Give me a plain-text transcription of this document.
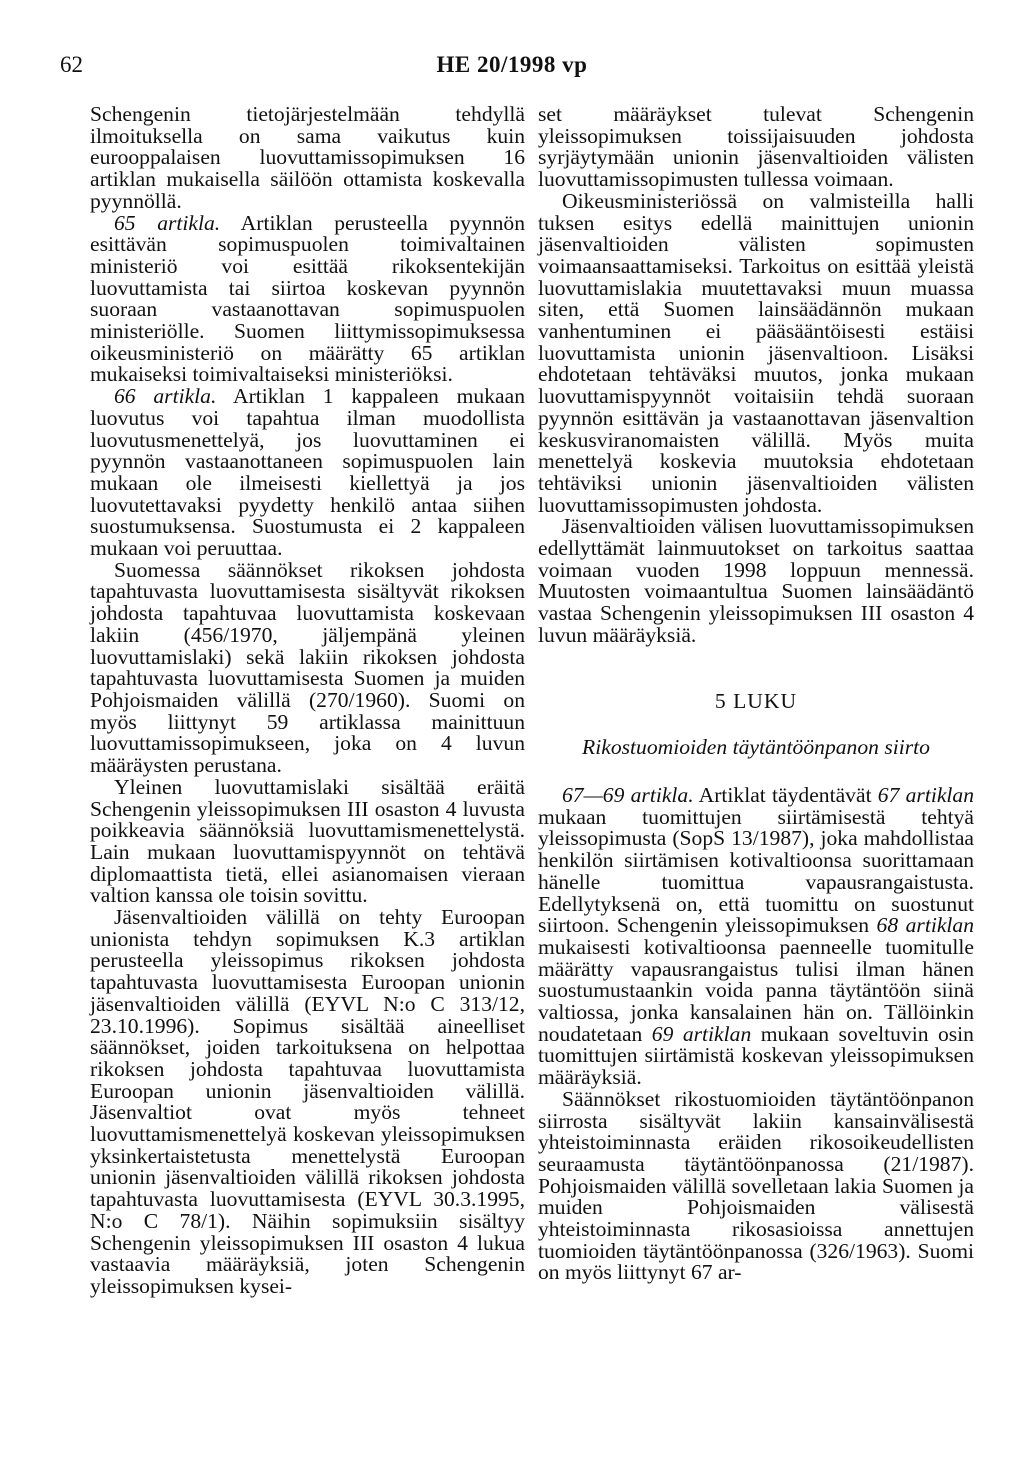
62	HE 20/1998 vp

Schengenin tietojärjestelmään tehdyllä ilmoituksella on sama vaikutus kuin eurooppalaisen luovuttamissopimuksen 16 artiklan mukaisella säilöön ottamista koskevalla pyynnöllä.

65 artikla. Artiklan perusteella pyynnön esittävän sopimuspuolen toimivaltainen ministeriö voi esittää rikoksentekijän luovuttamista tai siirtoa koskevan pyynnön suoraan vastaanottavan sopimuspuolen ministeriölle. Suomen liittymissopimuksessa oikeusministeriö on määrätty 65 artiklan mukaiseksi toimivaltaiseksi ministeriöksi.

66 artikla. Artiklan 1 kappaleen mukaan luovutus voi tapahtua ilman muodollista luovutusmenettelyä, jos luovuttaminen ei pyynnön vastaanottaneen sopimuspuolen lain mukaan ole ilmeisesti kiellettyä ja jos luovutettavaksi pyydetty henkilö antaa siihen suostumuksensa. Suostumusta ei 2 kappaleen mukaan voi peruuttaa.

Suomessa säännökset rikoksen johdosta tapahtuvasta luovuttamisesta sisältyvät rikoksen johdosta tapahtuvaa luovuttamista koskevaan lakiin (456/1970, jäljempänä yleinen luovuttamislaki) sekä lakiin rikoksen johdosta tapahtuvasta luovuttamisesta Suomen ja muiden Pohjoismaiden välillä (270/1960). Suomi on myös liittynyt 59 artiklassa mainittuun luovuttamissopimukseen, joka on 4 luvun määräysten perustana.

Yleinen luovuttamislaki sisältää eräitä Schengenin yleissopimuksen III osaston 4 luvusta poikkeavia säännöksiä luovuttamismenettelystä. Lain mukaan luovuttamispyynnöt on tehtävä diplomaattista tietä, ellei asianomaisen vieraan valtion kanssa ole toisin sovittu.

Jäsenvaltioiden välillä on tehty Euroopan unionista tehdyn sopimuksen K.3 artiklan perusteella yleissopimus rikoksen johdosta tapahtuvasta luovuttamisesta Euroopan unionin jäsenvaltioiden välillä (EYVL N:o C 313/12, 23.10.1996). Sopimus sisältää aineelliset säännökset, joiden tarkoituksena on helpottaa rikoksen johdosta tapahtuvaa luovuttamista Euroopan unionin jäsenvaltioiden välillä. Jäsenvaltiot ovat myös tehneet luovuttamismenettelyä koskevan yleissopimuksen yksinkertaistetusta menettelystä Euroopan unionin jäsenvaltioiden välillä rikoksen johdosta tapahtuvasta luovuttamisesta (EYVL 30.3.1995, N:o C 78/1). Näihin sopimuksiin sisältyy Schengenin yleissopimuksen III osaston 4 lukua vastaavia määräyksiä, joten Schengenin yleissopimuksen kysei-

set määräykset tulevat Schengenin yleissopimuksen toissijaisuuden johdosta syrjäytymään unionin jäsenvaltioiden välisten luovuttamissopimusten tullessa voimaan.

Oikeusministeriössä on valmisteilla halli tuksen esitys edellä mainittujen unionin jäsenvaltioiden välisten sopimusten voimaansaattamiseksi. Tarkoitus on esittää yleistä luovuttamislakia muutettavaksi muun muassa siten, että Suomen lainsäädännön mukaan vanhentuminen ei pääsääntöisesti estäisi luovuttamista unionin jäsenvaltioon. Lisäksi ehdotetaan tehtäväksi muutos, jonka mukaan luovuttamispyynnöt voitaisiin tehdä suoraan pyynnön esittävän ja vastaanottavan jäsenvaltion keskusviranomaisten välillä. Myös muita menettelyä koskevia muutoksia ehdotetaan tehtäviksi unionin jäsenvaltioiden välisten luovuttamissopimusten johdosta.

Jäsenvaltioiden välisen luovuttamissopimuksen edellyttämät lainmuutokset on tarkoitus saattaa voimaan vuoden 1998 loppuun mennessä. Muutosten voimaantultua Suomen lainsäädäntö vastaa Schengenin yleissopimuksen III osaston 4 luvun määräyksiä.

5 LUKU
Rikostuomioiden täytäntöönpanon siirto

67—69 artikla. Artiklat täydentävät 67 artiklan mukaan tuomittujen siirtämisestä tehtyä yleissopimusta (SopS 13/1987), joka mahdollistaa henkilön siirtämisen kotivaltioonsa suorittamaan hänelle tuomittua vapausrangaistusta. Edellytyksenä on, että tuomittu on suostunut siirtoon. Schengenin yleissopimuksen 68 artiklan mukaisesti kotivaltioonsa paenneelle tuomitulle määrätty vapausrangaistus tulisi ilman hänen suostumustaankin voida panna täytäntöön siinä valtiossa, jonka kansalainen hän on. Tällöinkin noudatetaan 69 artiklan mukaan soveltuvin osin tuomittujen siirtämistä koskevan yleissopimuksen määräyksiä.

Säännökset rikostuomioiden täytäntöönpanon siirrosta sisältyvät lakiin kansainvälisestä yhteistoiminnasta eräiden rikosoikeudellisten seuraamusta täytäntöönpanossa (21/1987). Pohjoismaiden välillä sovelletaan lakia Suomen ja muiden Pohjoismaiden välisestä yhteistoiminnasta rikosasioissa annettujen tuomioiden täytäntöönpanossa (326/1963). Suomi on myös liittynyt 67 ar-
